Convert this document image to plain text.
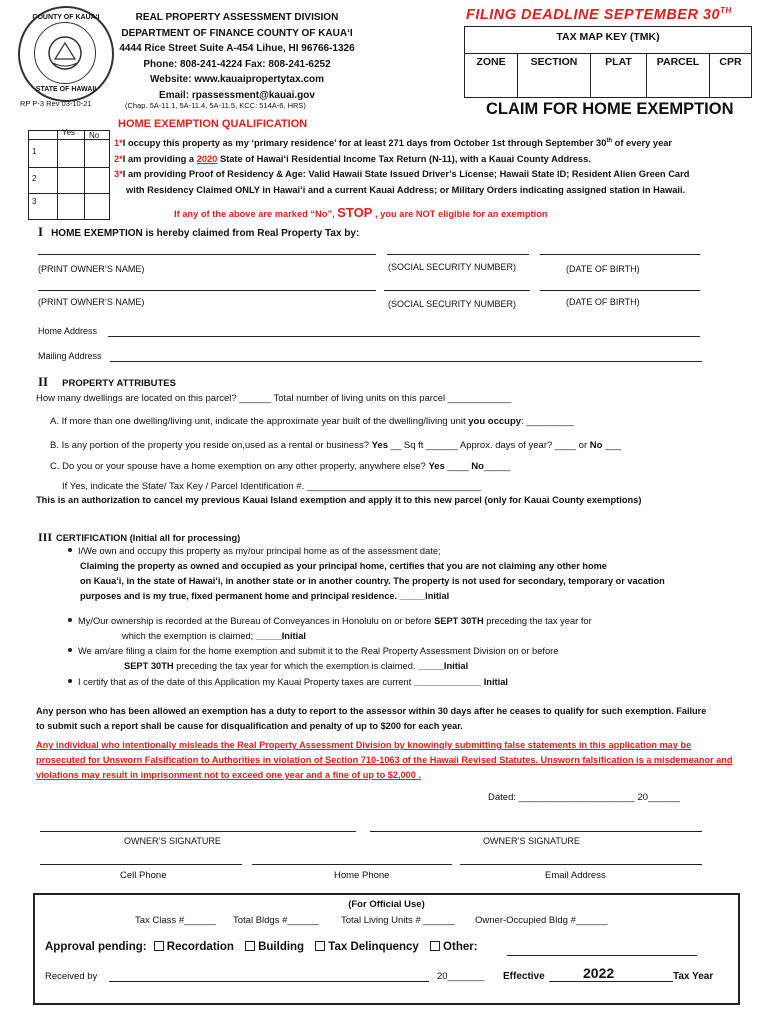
COUNTY OF KAUAʻI
STATE OF HAWAII
REAL PROPERTY ASSESSMENT DIVISION
DEPARTMENT OF FINANCE COUNTY OF KAUAʻI
4444 Rice Street Suite A-454 Lihue, HI 96766-1326
Phone: 808-241-4224 Fax: 808-241-6252
Website: www.kauaipropertytax.com
Email: rpassessment@kauai.gov
RP P-3 Rev 03-10-21	(Chap. 5A-11.1, 5A-11.4, 5A-11.5, KCC: 514A-6, HRS)
FILING DEADLINE SEPTEMBER 30TH
TAX MAP KEY (TMK)
ZONE	SECTION	PLAT	PARCEL	CPR
CLAIM FOR HOME EXEMPTION
HOME EXEMPTION QUALIFICATION
Yes No
1
2
3
1*I occupy this property as my ‘primary residence’ for at least 271 days from October 1st through September 30th of every year
2*I am providing a 2020 State of Hawaiʻi Residential Income Tax Return (N-11), with a Kauai County Address.
3*I am providing Proof of Residency & Age: Valid Hawaii State Issued Driver’s License; Hawaii State ID; Resident Alien Green Card
with Residency Claimed ONLY in Hawaiʻi and a current Kauai Address; or Military Orders indicating assigned station in Hawaii.
If any of the above are marked “No”, STOP , you are NOT eligible for an exemption
I HOME EXEMPTION is hereby claimed from Real Property Tax by:
(PRINT OWNER’S NAME)	(SOCIAL SECURITY NUMBER)	(DATE OF BIRTH)
(PRINT OWNER’S NAME)	(SOCIAL SECURITY NUMBER)	(DATE OF BIRTH)
Home Address
Mailing Address
II PROPERTY ATTRIBUTES
How many dwellings are located on this parcel? ______ Total number of living units on this parcel ____________
A. If more than one dwelling/living unit, indicate the approximate year built of the dwelling/living unit you occupy: _________
B. Is any portion of the property you reside on,used as a rental or business? Yes __ Sq ft ______ Approx. days of year? ____ or No ___
C. Do you or your spouse have a home exemption on any other property, anywhere else? Yes ____ No_____
If Yes, indicate the State/ Tax Key / Parcel Identification #. _________________________________
This is an authorization to cancel my previous Kauai Island exemption and apply it to this new parcel (only for Kauai County exemptions)
III CERTIFICATION (Initial all for processing)
I/We own and occupy this property as my/our principal home as of the assessment date;
Claiming the property as owned and occupied as your principal home, certifies that you are not claiming any other home
on Kauaʻi, in the state of Hawaiʻi, in another state or in another country. The property is not used for secondary, temporary or vacation
purposes and is my true, fixed permanent home and principal residence. _____Initial
My/Our ownership is recorded at the Bureau of Conveyances in Honolulu on or before SEPT 30TH preceding the tax year for
which the exemption is claimed; _____Initial
We am/are filing a claim for the home exemption and submit it to the Real Property Assessment Division on or before
SEPT 30TH preceding the tax year for which the exemption is claimed. _____Initial
I certify that as of the date of this Application my Kauai Property taxes are current _____________ Initial
Any person who has been allowed an exemption has a duty to report to the assessor within 30 days after he ceases to qualify for such exemption. Failure to submit such a report shall be cause for disqualification and penalty of up to $200 for each year.
Any individual who intentionally misleads the Real Property Assessment Division by knowingly submitting false statements in this application may be prosecuted for Unsworn Falsification to Authorities in violation of Section 710-1063 of the Hawaii Revised Statutes. Unsworn falsification is a misdemeanor and violations may result in imprisonment not to exceed one year and a fine of up to $2,000 .
Dated: ______________________ 20______
OWNER’S SIGNATURE	OWNER’S SIGNATURE
Cell Phone	Home Phone	Email Address
(For Official Use)
Tax Class #______ Total Bldgs #______ Total Living Units # ______ Owner-Occupied Bldg #______
Approval pending: Recordation Building Tax Delinquency Other:
Received by	20_______ Effective	2022	Tax Year
